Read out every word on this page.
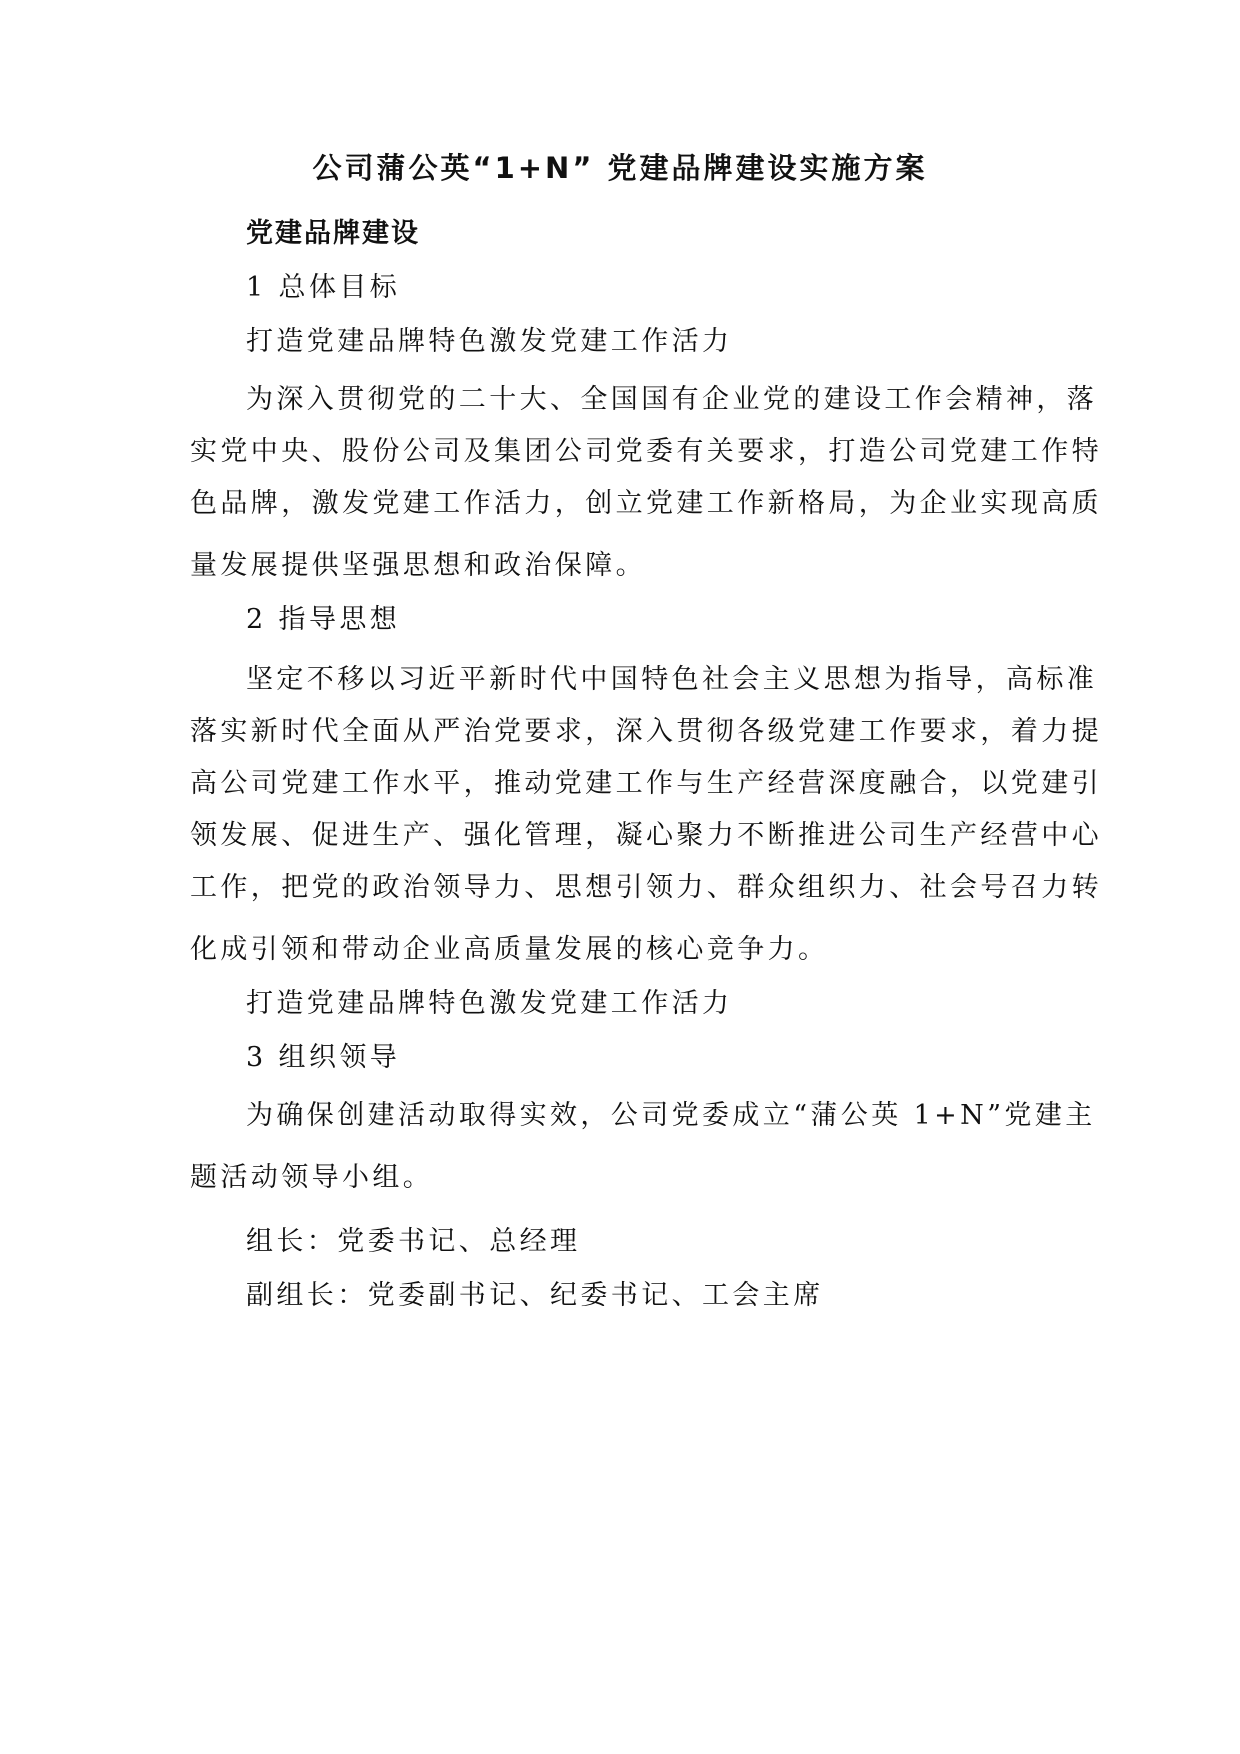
公司蒲公英“1+N” 党建品牌建设实施方案

党建品牌建设

1 总体目标

打造党建品牌特色激发党建工作活力

为深入贯彻党的二十大、全国国有企业党的建设工作会精神，落

实党中央、股份公司及集团公司党委有关要求，打造公司党建工作特

色品牌，激发党建工作活力，创立党建工作新格局，为企业实现高质

量发展提供坚强思想和政治保障。

2 指导思想

坚定不移以习近平新时代中国特色社会主义思想为指导，高标准

落实新时代全面从严治党要求，深入贯彻各级党建工作要求，着力提

高公司党建工作水平，推动党建工作与生产经营深度融合，以党建引

领发展、促进生产、强化管理，凝心聚力不断推进公司生产经营中心

工作，把党的政治领导力、思想引领力、群众组织力、社会号召力转

化成引领和带动企业高质量发展的核心竞争力。

打造党建品牌特色激发党建工作活力

3 组织领导

为确保创建活动取得实效，公司党委成立“蒲公英 1+N”党建主

题活动领导小组。

组长：党委书记、总经理

副组长：党委副书记、纪委书记、工会主席
